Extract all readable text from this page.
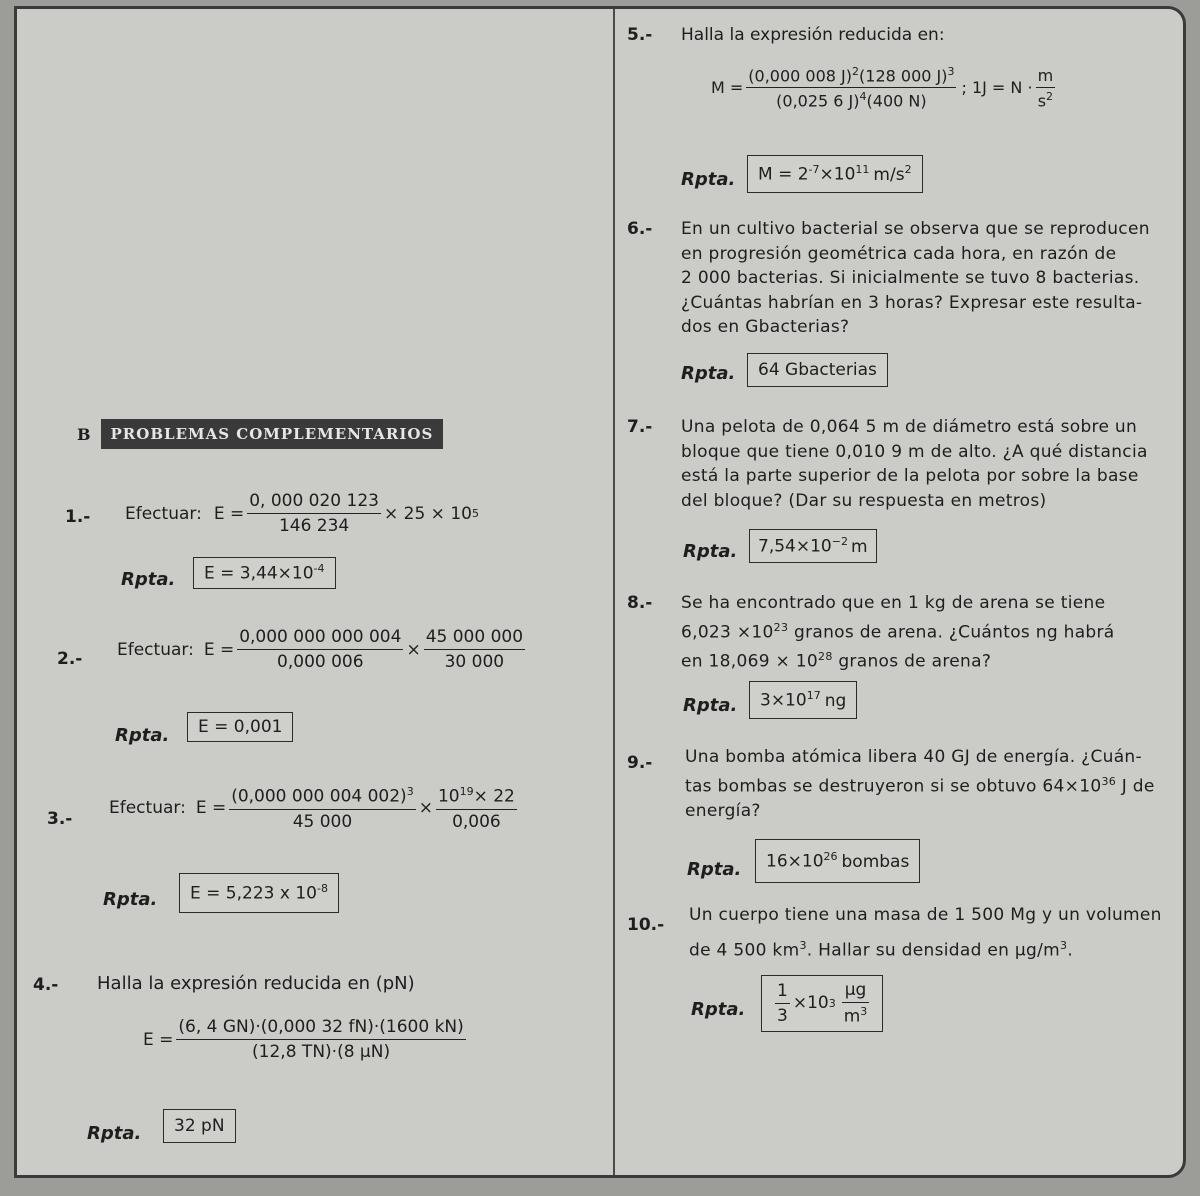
B	PROBLEMAS COMPLEMENTARIOS
1.- Efectuar: $E = \frac{0, 000 020 123}{146 234} \times 25 \times 10$ 5
Rpta.	$E = 3,44\times 10^{-4}$
2.- Efectuar: $E = \frac{0,000 000 000 004}{0,000 006} \times \frac{45 000 000}{30 000}$
Rpta.	E = 0,001
3.-
Efectuar: $E = \frac{(0,000 000 004 002)^3}{45 000} \times \frac{10^{19}\times 22}{0,006}$
Rpta.	E = 5,223 x $10^{-8}$
4.- Halla la expresión reducida en (pN)
$E = \frac{(6, 4 GN)\cdot(0,000 32 fN)\cdot(1600 kN)}{\text{(12,8 TN)·(8 µN)}}$
Rpta.	32 pN
5.- Halla la expresión reducida en:
$M = \frac{(0,000 008 J)^2(128 000 J)^3}{(0,025 6 J)^4(400 N)}$ ; $1J = N \cdot \frac{m}{s^2}$
Rpta.	$M = 2^{-7}\times 10^{11}$ $m/s^2$
6.- En un cultivo bacterial se observa que se reproducen
en progresión geométrica cada hora, en razón de
2 000 bacterias. Si inicialmente se tuvo 8 bacterias.
¿Cuántas habrían en 3 horas? Expresar este resulta-
dos en Gbacterias?
Rpta.	64 Gbacterias
7.- Una pelota de 0,064 5 m de diámetro está sobre un
bloque que tiene 0,010 9 m de alto. ¿A qué distancia
está la parte superior de la pelota por sobre la base
del bloque? (Dar su respuesta en metros)
Rpta.	$7,54\times 10^{-2}$ m
8.- Se ha encontrado que en 1 kg de arena se tiene
$6,023 \times 10^{23}$ granos de arena. ¿Cuántos ng habrá
en $18,069 \times 10^{28}$ granos de arena?
Rpta.	$3\times 10^{17}$ ng
9.- Una bomba atómica libera 40 GJ de energía. ¿Cuán-
tas bombas se destruyeron si se obtuvo $64\times 10^{36}$ J de
energía?
Rpta.	$16\times 10^{26}$ bombas
10.- Un cuerpo tiene una masa de 1 500 Mg y un volumen
de 4 500 $km^3$. Hallar su densidad en $\mu g/m^3$.
Rpta. $\frac{1}{3} \times 10$ $3 \frac{\text{µg}}{m^3}$
